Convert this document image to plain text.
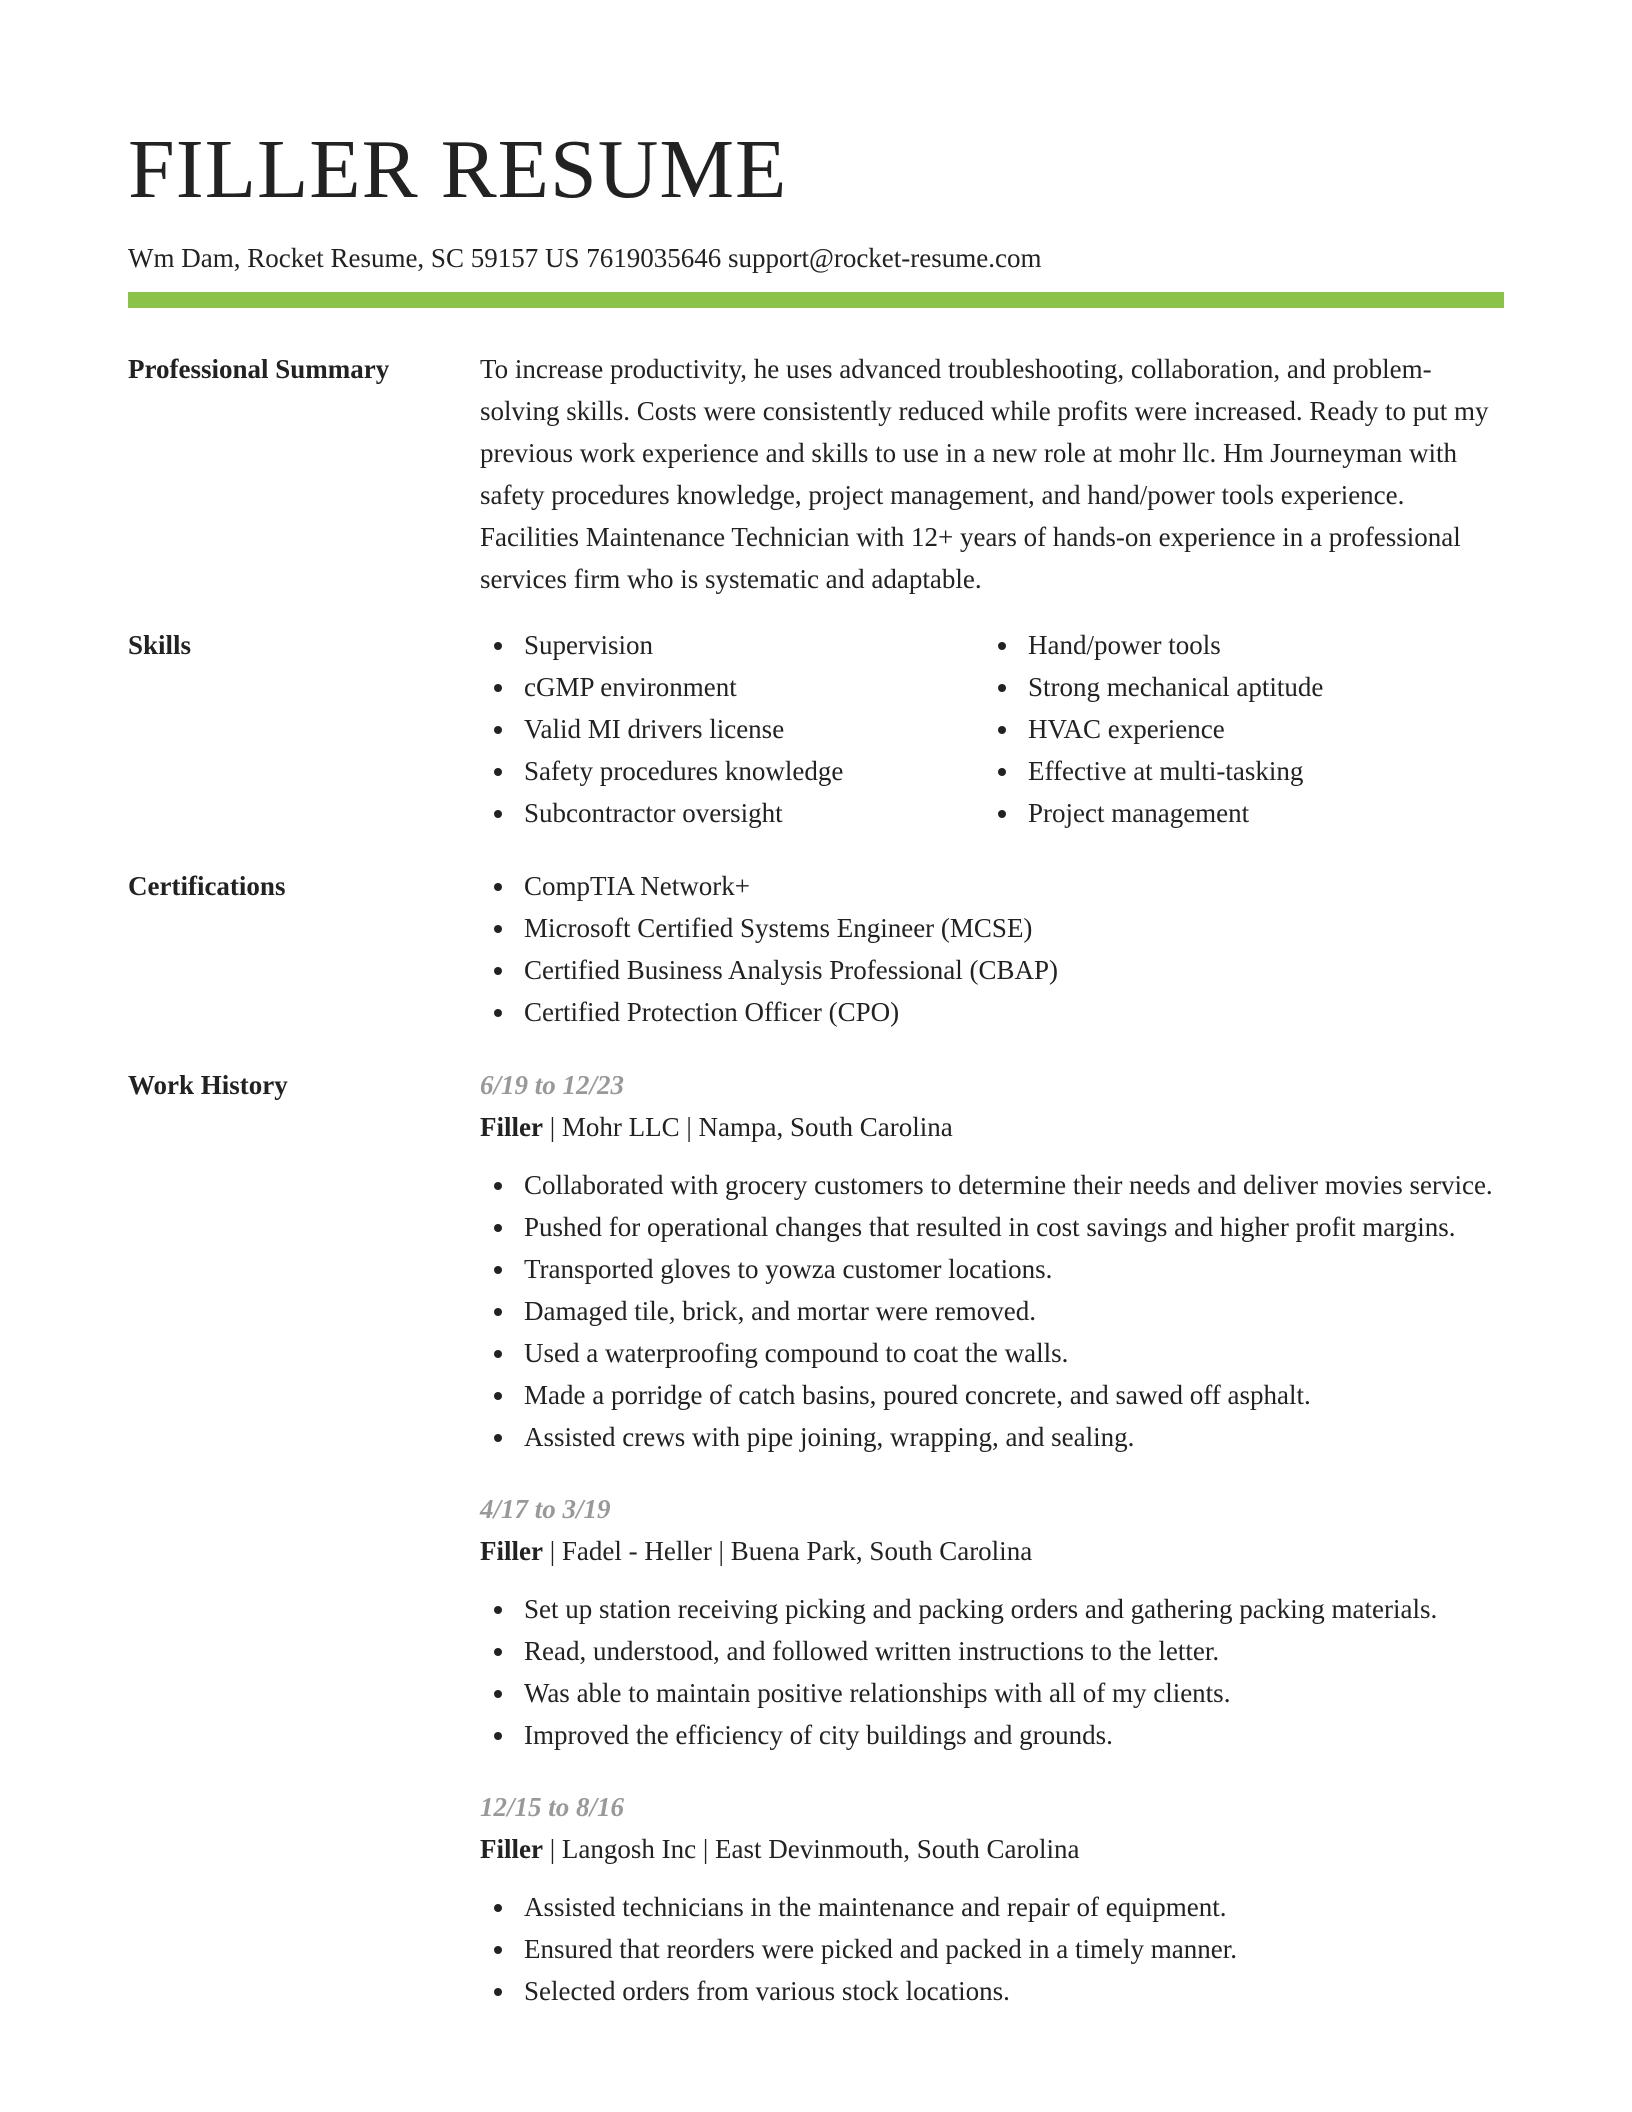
FILLER RESUME
Wm Dam, Rocket Resume, SC 59157 US 7619035646 support@rocket-resume.com
Professional Summary	To increase productivity, he uses advanced troubleshooting, collaboration, and problem-solving skills. Costs were consistently reduced while profits were increased. Ready to put my previous work experience and skills to use in a new role at mohr llc. Hm Journeyman with safety procedures knowledge, project management, and hand/power tools experience. Facilities Maintenance Technician with 12+ years of hands-on experience in a professional services firm who is systematic and adaptable.

Skills	Supervision
cGMP environment
Valid MI drivers license
Safety procedures knowledge
Subcontractor oversight
Hand/power tools
Strong mechanical aptitude
HVAC experience
Effective at multi-tasking
Project management
Certifications	CompTIA Network+
Microsoft Certified Systems Engineer (MCSE)
Certified Business Analysis Professional (CBAP)
Certified Protection Officer (CPO)
Work History	6/19 to 12/23
Filler | Mohr LLC | Nampa, South Carolina
Collaborated with grocery customers to determine their needs and deliver movies service.
Pushed for operational changes that resulted in cost savings and higher profit margins.
Transported gloves to yowza customer locations.
Damaged tile, brick, and mortar were removed.
Used a waterproofing compound to coat the walls.
Made a porridge of catch basins, poured concrete, and sawed off asphalt.
Assisted crews with pipe joining, wrapping, and sealing.
4/17 to 3/19
Filler | Fadel - Heller | Buena Park, South Carolina
Set up station receiving picking and packing orders and gathering packing materials.
Read, understood, and followed written instructions to the letter.
Was able to maintain positive relationships with all of my clients.
Improved the efficiency of city buildings and grounds.
12/15 to 8/16
Filler | Langosh Inc | East Devinmouth, South Carolina
Assisted technicians in the maintenance and repair of equipment.
Ensured that reorders were picked and packed in a timely manner.
Selected orders from various stock locations.
